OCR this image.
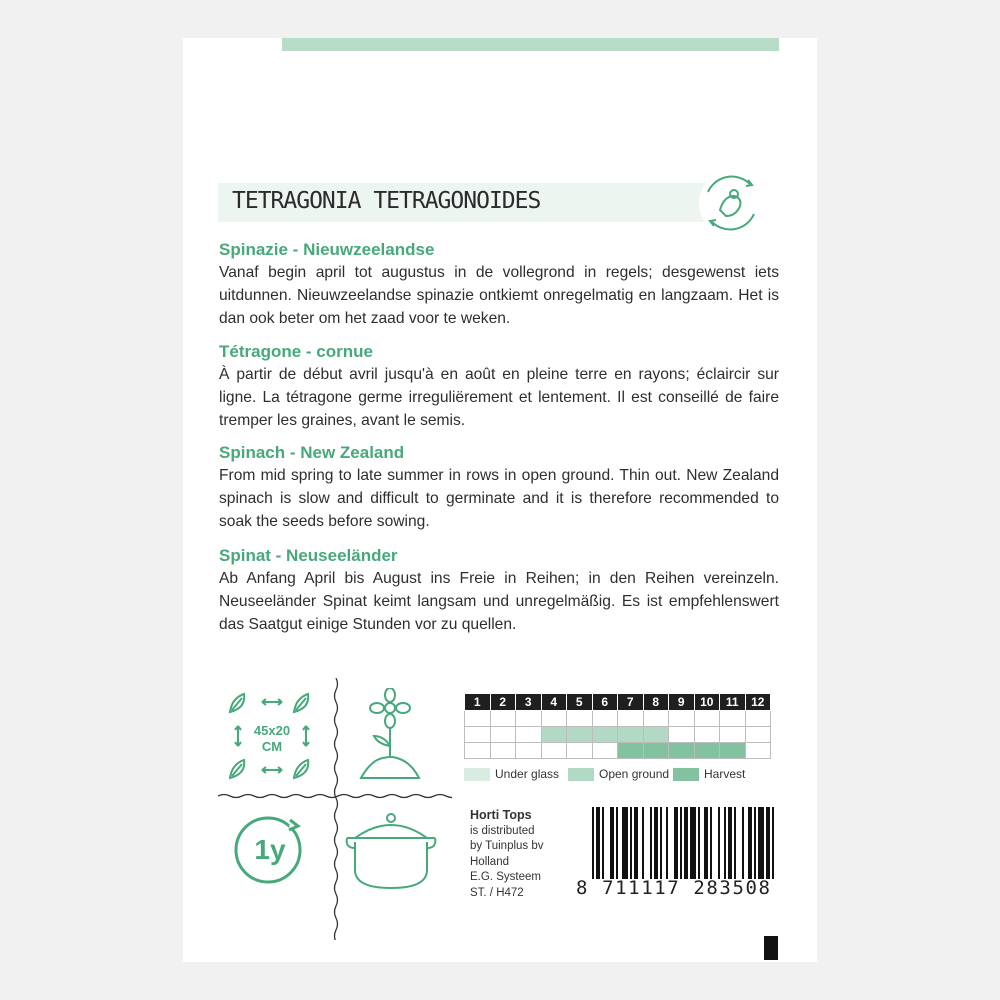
TETRAGONIA TETRAGONOIDES
Spinazie - Nieuwzeelandse

Vanaf begin april tot augustus in de vollegrond in regels; desgewenst iets uitdunnen. Nieuwzeelandse spinazie ontkiemt onregelmatig en langzaam. Het is dan ook beter om het zaad voor te weken.

Tétragone - cornue

À partir de début avril jusqu'à en août en pleine terre en rayons; éclaircir sur ligne. La tétragone germe irreguliërement et lentement. Il est conseillé de faire tremper les graines, avant le semis.

Spinach - New Zealand

From mid spring to late summer in rows in open ground. Thin out. New Zealand spinach is slow and difficult to germinate and it is therefore recommended to soak the seeds before sowing.

Spinat - Neuseeländer

Ab Anfang April bis August ins Freie in Reihen; in den Reihen vereinzeln. Neuseeländer Spinat keimt langsam und unregelmäßig. Es ist empfehlenswert das Saatgut einige Stunden vor zu quellen.

45x20
CM
1y
1	2	3	4	5	6	7	8	9	10	11	12

Under glass	Open ground	Harvest
Horti Tops
is distributed
by Tuinplus bv
Holland
E.G. Systeem
ST. / H472	8 711117 283508
